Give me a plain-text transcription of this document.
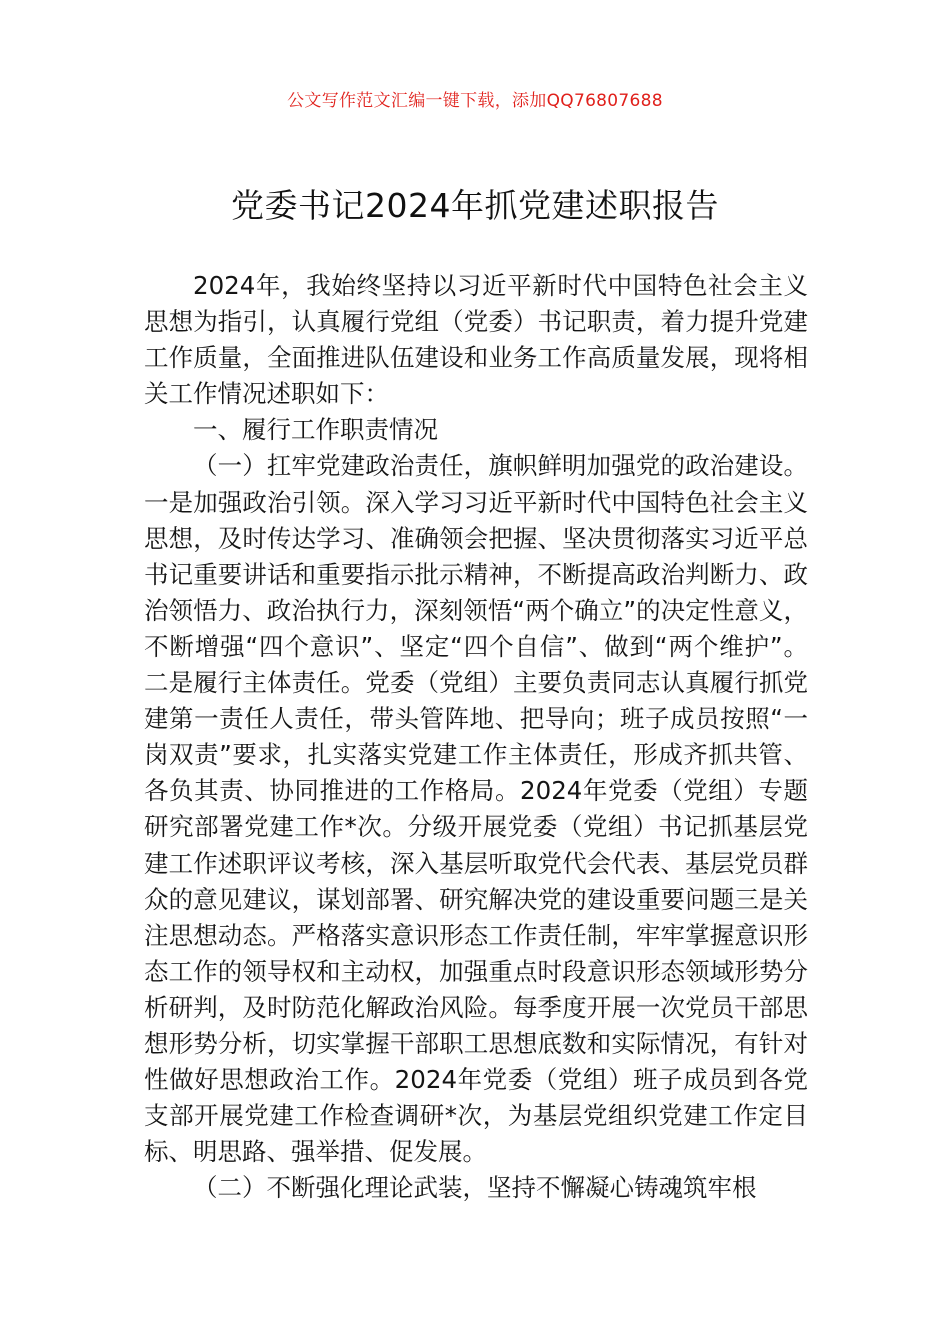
公文写作范文汇编一键下载，添加QQ76807688
党委书记2024年抓党建述职报告

2024年，我始终坚持以习近平新时代中国特色社会主义思想为指引，认真履行党组（党委）书记职责，着力提升党建工作质量，全面推进队伍建设和业务工作高质量发展，现将相关工作情况述职如下：

一、履行工作职责情况

（一）扛牢党建政治责任，旗帜鲜明加强党的政治建设。一是加强政治引领。深入学习习近平新时代中国特色社会主义思想，及时传达学习、准确领会把握、坚决贯彻落实习近平总书记重要讲话和重要指示批示精神，不断提高政治判断力、政治领悟力、政治执行力，深刻领悟“两个确立”的决定性意义，不断增强“四个意识”、坚定“四个自信”、做到“两个维护”。二是履行主体责任。党委（党组）主要负责同志认真履行抓党建第一责任人责任，带头管阵地、把导向；班子成员按照“一岗双责”要求，扎实落实党建工作主体责任，形成齐抓共管、各负其责、协同推进的工作格局。2024年党委（党组）专题研究部署党建工作*次。分级开展党委（党组）书记抓基层党建工作述职评议考核，深入基层听取党代会代表、基层党员群众的意见建议，谋划部署、研究解决党的建设重要问题三是关注思想动态。严格落实意识形态工作责任制，牢牢掌握意识形态工作的领导权和主动权，加强重点时段意识形态领域形势分析研判，及时防范化解政治风险。每季度开展一次党员干部思想形势分析，切实掌握干部职工思想底数和实际情况，有针对性做好思想政治工作。2024年党委（党组）班子成员到各党支部开展党建工作检查调研*次，为基层党组织党建工作定目标、明思路、强举措、促发展。

（二）不断强化理论武装，坚持不懈凝心铸魂筑牢根
